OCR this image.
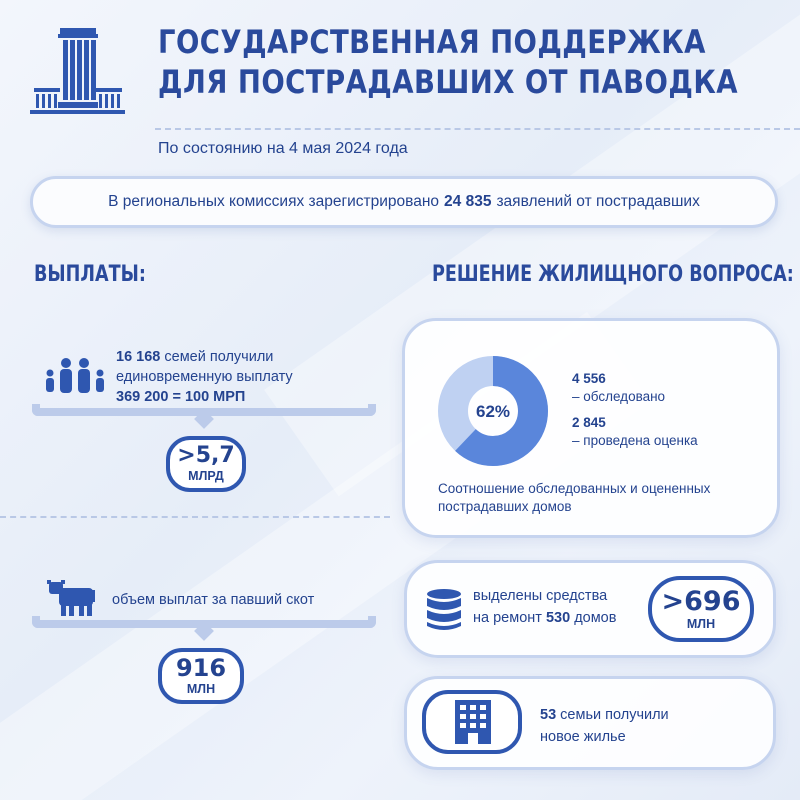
ГОСУДАРСТВЕННАЯ ПОДДЕРЖКА
ДЛЯ ПОСТРАДАВШИХ ОТ ПАВОДКА
По состоянию на 4 мая 2024 года
В региональных комиссиях зарегистрировано 24 835 заявлений от пострадавших
ВЫПЛАТЫ:	РЕШЕНИЕ ЖИЛИЩНОГО ВОПРОСА:
16 168 семей получили
единовременную выплату
369 200 = 100 МРП
>5,7
МЛРД
объем выплат за павший скот
916
МЛН
62%
4 556
– обследовано
2 845
– проведена оценка
Соотношение обследованных и оцененных пострадавших домов
выделены средства
на ремонт 530 домов
>696
МЛН
53 семьи получили
новое жилье
